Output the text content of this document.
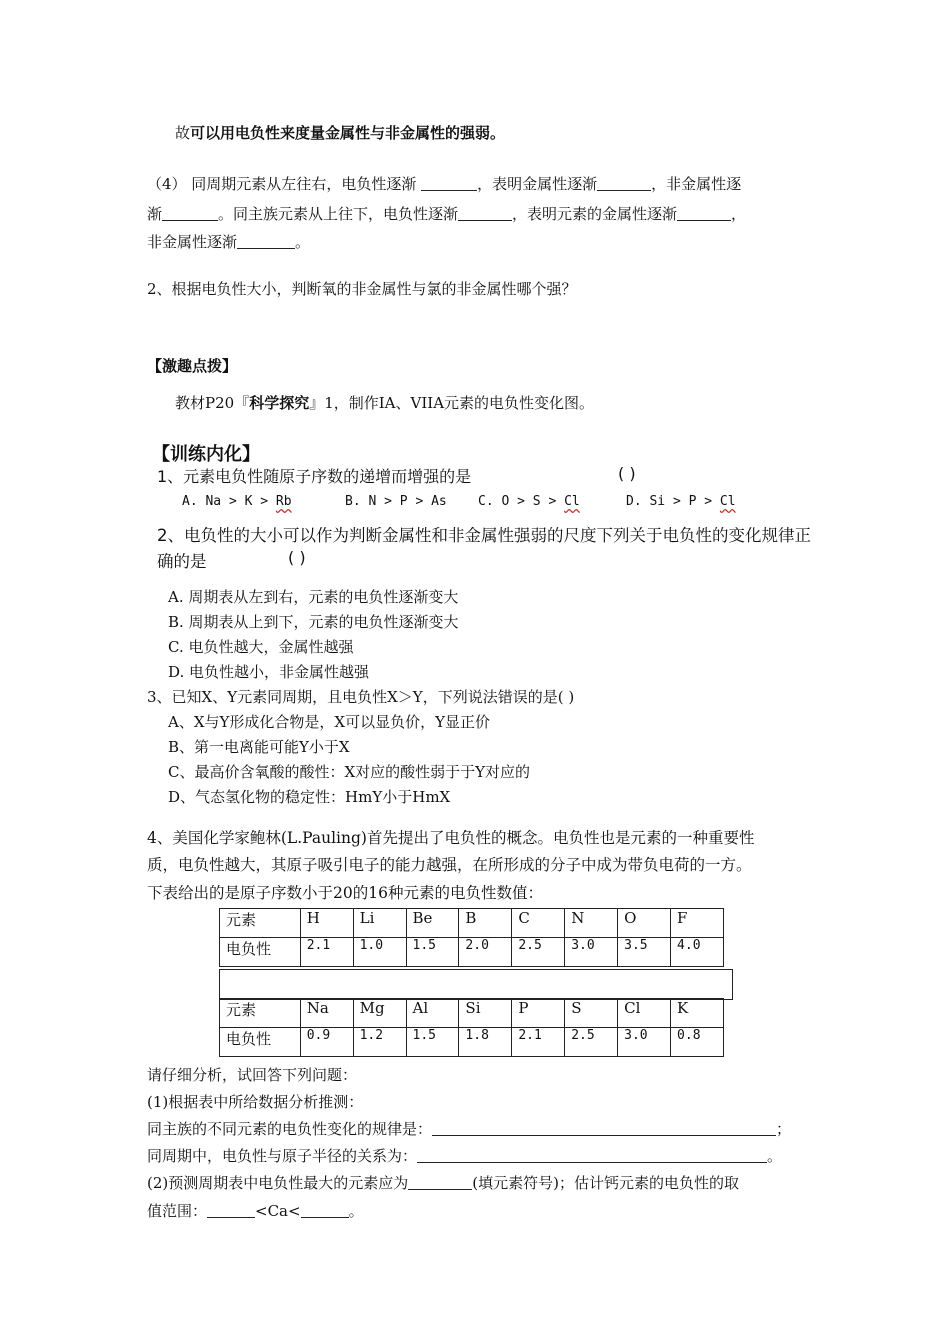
故可以用电负性来度量金属性与非金属性的强弱。
（4） 同周期元素从左往右，电负性逐渐	，表明金属性逐渐	，非金属性逐
渐	。同主族元素从上往下，电负性逐渐	，表明元素的金属性逐渐	，
非金属性逐渐	。
2、根据电负性大小，判断氧的非金属性与氯的非金属性哪个强？
【激趣点拨】
教材P20『科学探究』1，制作IA、VIIA元素的电负性变化图。
【训练内化】
1、元素电负性随原子序数的递增而增强的是	( )
A. Na > K > Rb	B. N > P > As C. O > S > Cl	D. Si > P > Cl
2、电负性的大小可以作为判断金属性和非金属性强弱的尺度下列关于电负性的变化规律正
确的是	( )
A. 周期表从左到右，元素的电负性逐渐变大
B. 周期表从上到下，元素的电负性逐渐变大
C. 电负性越大，金属性越强
D. 电负性越小，非金属性越强
3、已知X、Y元素同周期，且电负性X＞Y，下列说法错误的是( )
A、X与Y形成化合物是，X可以显负价，Y显正价
B、第一电离能可能Y小于X
C、最高价含氧酸的酸性：X对应的酸性弱于于Y对应的
D、气态氢化物的稳定性：HmY小于HmX
4、美国化学家鲍林(L.Pauling)首先提出了电负性的概念。电负性也是元素的一种重要性
质，电负性越大，其原子吸引电子的能力越强，在所形成的分子中成为带负电荷的一方。
下表给出的是原子序数小于20的16种元素的电负性数值：
元素	H	Li	Be	B	C	N	O	F
电负性	2.1	1.0	1.5	2.0	2.5	3.0	3.5	4.0
元素	Na	Mg	Al	Si	P	S	Cl	K
电负性	0.9	1.2	1.5	1.8	2.1	2.5	3.0	0.8
请仔细分析，试回答下列问题：
(1)根据表中所给数据分析推测：
同主族的不同元素的电负性变化的规律是：	；
同周期中，电负性与原子半径的关系为：	。
(2)预测周期表中电负性最大的元素应为	(填元素符号)；估计钙元素的电负性的取
值范围：	<Ca<	。
